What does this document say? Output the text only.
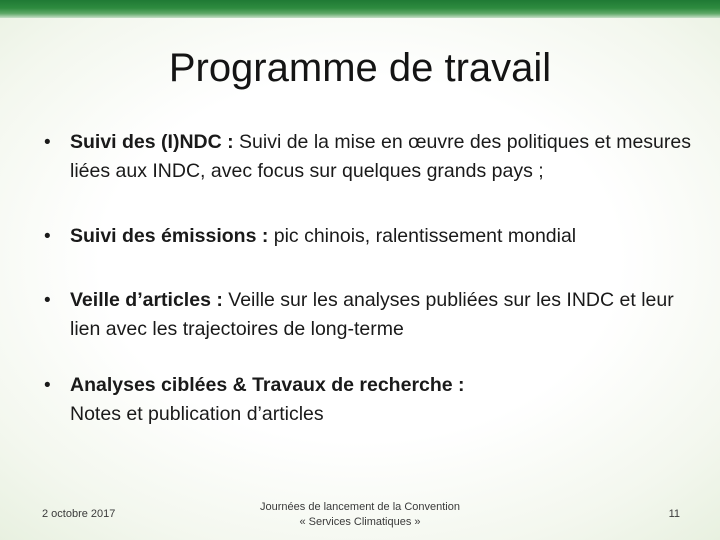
Programme de travail
• Suivi des (I)NDC : Suivi de la mise en œuvre des politiques et mesures liées aux INDC, avec focus sur quelques grands pays ;
• Suivi des émissions : pic chinois, ralentissement mondial
• Veille d’articles : Veille sur les analyses publiées sur les INDC et leur lien avec les trajectoires de long-terme
• Analyses ciblées & Travaux de recherche :
Notes et publication d’articles
2 octobre 2017
Journées de lancement de la Convention
« Services Climatiques »
11
